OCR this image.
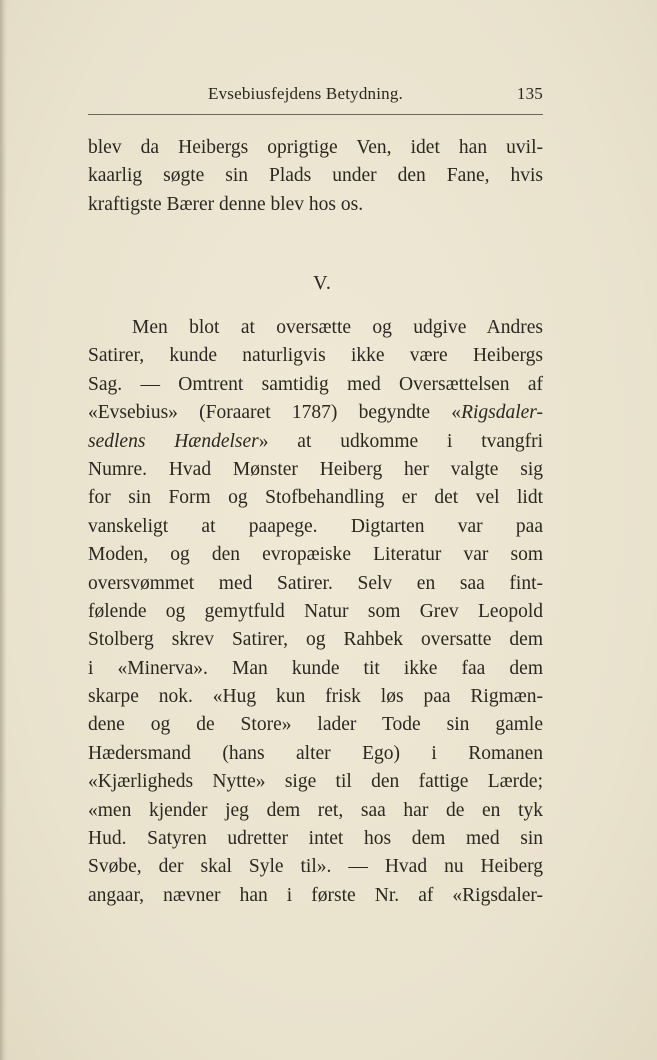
Evsebiusfejdens Betydning.	135
blev da Heibergs oprigtige Ven, idet han uvil-
kaarlig søgte sin Plads under den Fane, hvis
kraftigste Bærer denne blev hos os.
V.
Men blot at oversætte og udgive Andres
Satirer, kunde naturligvis ikke være Heibergs
Sag. — Omtrent samtidig med Oversættelsen af
«Evsebius» (Foraaret 1787) begyndte «Rigsdaler-
sedlens Hændelser» at udkomme i tvangfri
Numre. Hvad Mønster Heiberg her valgte sig
for sin Form og Stofbehandling er det vel lidt
vanskeligt at paapege. Digtarten var paa
Moden, og den evropæiske Literatur var som
oversvømmet med Satirer. Selv en saa fint-
følende og gemytfuld Natur som Grev Leopold
Stolberg skrev Satirer, og Rahbek oversatte dem
i «Minerva». Man kunde tit ikke faa dem
skarpe nok. «Hug kun frisk løs paa Rigmæn-
dene og de Store» lader Tode sin gamle
Hædersmand (hans alter Ego) i Romanen
«Kjærligheds Nytte» sige til den fattige Lærde;
«men kjender jeg dem ret, saa har de en tyk
Hud. Satyren udretter intet hos dem med sin
Svøbe, der skal Syle til». — Hvad nu Heiberg
angaar, nævner han i første Nr. af «Rigsdaler-
